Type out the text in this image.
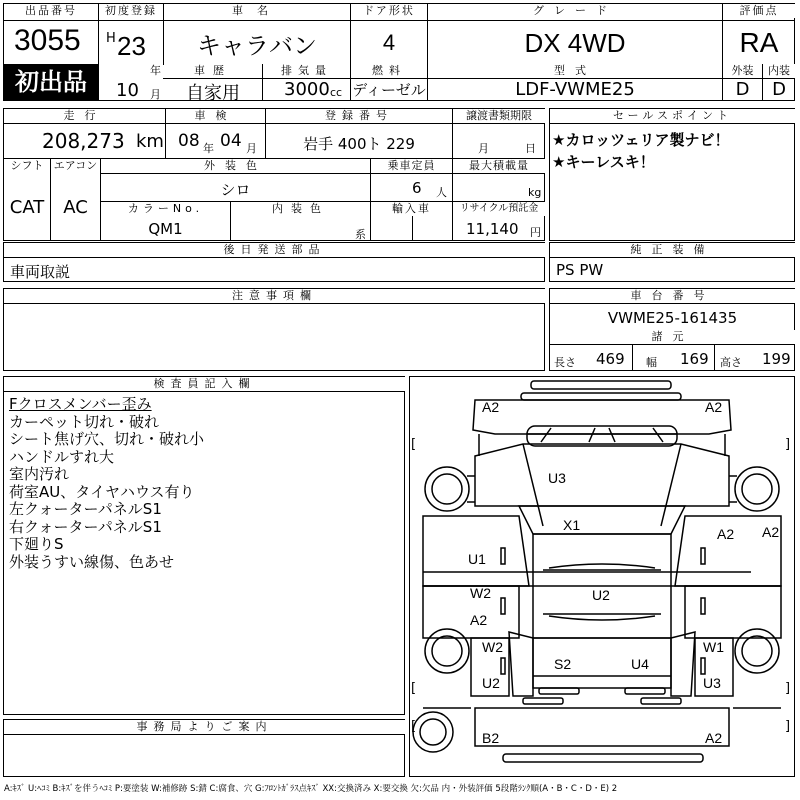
出品番号
3055
初出品
初度登録
H 23
年
10 月
車名
キャラバン
ドア形状
4
グレード
DX 4WD
評価点
RA
車歴
自家用
排気量
3000 cc
燃料
ディーゼル
型式
LDF-VWME25
外装
D
内装
D
走行
208,273 km
車検
08 年 04 月
登録番号
岩手 400ト 229
譲渡書類期限
月	日
シフト
CAT
エアコン
AC
外装色
シロ
乗車定員
6 人
最大積載量
kg
カラーNo.
QM1
内装色
系
輸入車	リサイクル預託金
11,140 円
セールスポイント
★カロッツェリア製ナビ！
★キーレスキ！
後日発送部品
車両取説
純正装備
PS PW
注意事項欄	車台番号
VWME25-161435
諸元
長さ 469 幅 169 高さ 199
検査員記入欄
Fクロスメンバー歪み
カーペット切れ・破れ
シート焦げ穴、切れ・破れ小
ハンドルすれ大
室内汚れ
荷室AU、タイヤハウス有り
左クォーターパネルS1
右クォーターパネルS1
下廻りS
外装うすい線傷、色あせ
事務局よりご案内
[	]
[	]
[	]
A2	A2
U3
X1
U1
A2 A2
W2
A2
U2
W2	W1
S2	U4
U2	U3
B2	A2
A:ｷｽﾞ U:ﾍｺﾐ B:ｷｽﾞを伴うﾍｺﾐ P:要塗装 W:補修跡 S:錆 C:腐食、穴 G:ﾌﾛﾝﾄｶﾞﾗｽ点ｷｽﾞ XX:交換済み X:要交換 欠:欠品 内・外装評価 5段階ﾗﾝｸ順(A・B・C・D・E) 2
